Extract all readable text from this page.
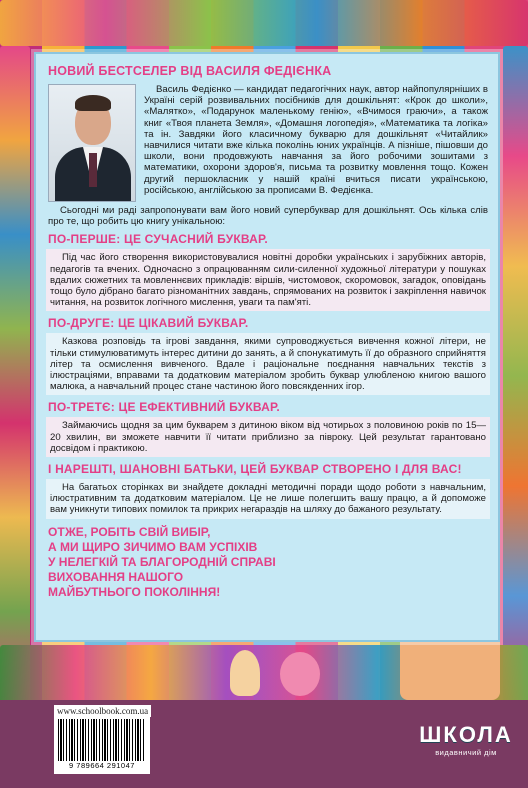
НОВИЙ БЕСТСЕЛЕР ВІД ВАСИЛЯ ФЕДІЄНКА
Василь Федієнко — кандидат педагогічних наук, автор найпопулярніших в Україні серій розвивальних посібників для дошкільнят: «Крок до школи», «Малятко», «Подарунок маленькому генію», «Вчимося граючи», а також книг «Твоя планета Земля», «Домашня логопедія», «Математика та логіка» та ін. Завдяки його класичному букварю для дошкільнят «Читайлик» навчилися читати вже кілька поколінь юних українців. А пізніше, пішовши до школи, вони продовжують навчання за його робочими зошитами з математики, охорони здоров'я, письма та розвитку мовлення тощо. Кожен другий першокласник у нашій країні вчиться писати українською, російською, англійською за прописами В. Федієнка.
Сьогодні ми раді запропонувати вам його новий супербуквар для дошкільнят. Ось кілька слів про те, що робить цю книгу унікальною:
ПО-ПЕРШЕ: ЦЕ СУЧАСНИЙ БУКВАР.
Під час його створення використовувалися новітні доробки українських і зарубіжних авторів, педагогів та вчених. Одночасно з опрацюванням сили-силенної художньої літератури у пошуках вдалих сюжетних та мовленнєвих прикладів: віршів, чистомовок, скоромовок, загадок, оповідань тощо було дібрано багато різноманітних завдань, спрямованих на розвиток і закріплення навичок читання, на розвиток логічного мислення, уваги та пам'яті.
ПО-ДРУГЕ: ЦЕ ЦІКАВИЙ БУКВАР.
Казкова розповідь та ігрові завдання, якими супроводжується вивчення кожної літери, не тільки стимулюватимуть інтерес дитини до занять, а й спонукатимуть її до образного сприйняття літер та осмислення вивченого. Вдале і раціональне поєднання навчальних текстів з ілюстраціями, вправами та додатковим матеріалом зробить буквар улюбленою книгою вашого малюка, а навчальний процес стане частиною його повсякденних ігор.
ПО-ТРЕТЄ: ЦЕ ЕФЕКТИВНИЙ БУКВАР.
Займаючись щодня за цим букварем з дитиною віком від чотирьох з половиною років по 15—20 хвилин, ви зможете навчити її читати приблизно за півроку. Цей результат гарантовано досвідом і практикою.
І НАРЕШТІ, ШАНОВНІ БАТЬКИ, ЦЕЙ БУКВАР СТВОРЕНО І ДЛЯ ВАС!
На багатьох сторінках ви знайдете докладні методичні поради щодо роботи з навчальним, ілюстративним та додатковим матеріалом. Це не лише полегшить вашу працю, а й допоможе вам уникнути типових помилок та прикрих негараздів на шляху до бажаного результату.
ОТЖЕ, РОБІТЬ СВІЙ ВИБІР,
А МИ ЩИРО ЗИЧИМО ВАМ УСПІХІВ
У НЕЛЕГКІЙ ТА БЛАГОРОДНІЙ СПРАВІ
ВИХОВАННЯ НАШОГО
МАЙБУТНЬОГО ПОКОЛІННЯ!
www.schoolbook.com.ua
9 789664 291047
ШКОЛА
видавничий дім
